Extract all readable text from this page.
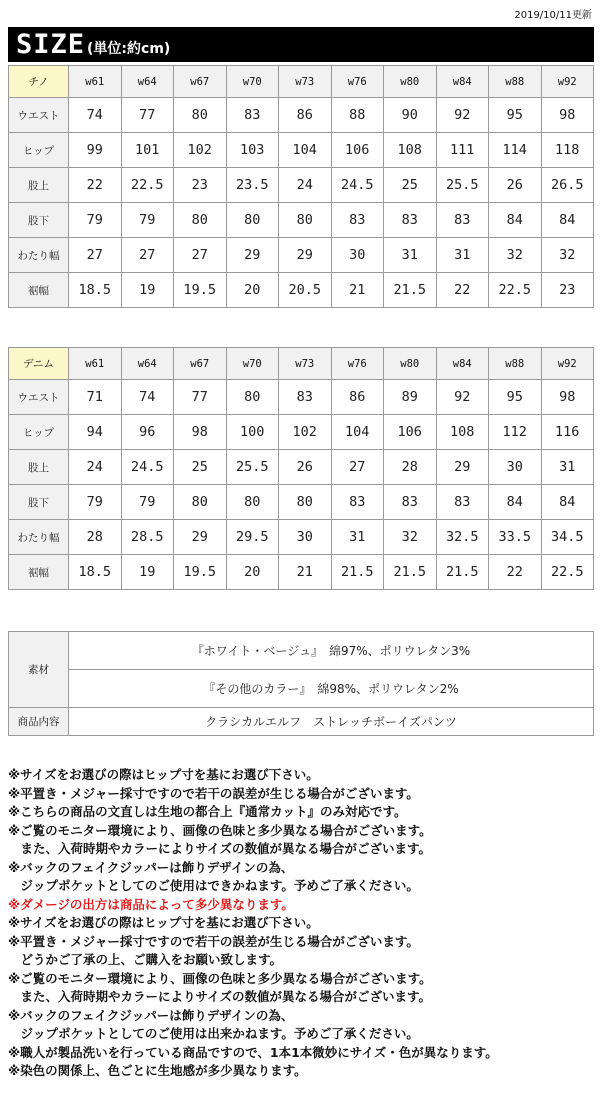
2019/10/11更新
SIZE (単位:約cm)
チノ	w61	w64	w67	w70	w73	w76	w80	w84	w88	w92
ウエスト	74	77	80	83	86	88	90	92	95	98
ヒップ	99	101	102	103	104	106	108	111	114	118
股上	22	22.5	23	23.5	24	24.5	25	25.5	26	26.5
股下	79	79	80	80	80	83	83	83	84	84
わたり幅	27	27	27	29	29	30	31	31	32	32
裾幅	18.5	19	19.5	20	20.5	21	21.5	22	22.5	23
デニム	w61	w64	w67	w70	w73	w76	w80	w84	w88	w92
ウエスト	71	74	77	80	83	86	89	92	95	98
ヒップ	94	96	98	100	102	104	106	108	112	116
股上	24	24.5	25	25.5	26	27	28	29	30	31
股下	79	79	80	80	80	83	83	83	84	84
わたり幅	28	28.5	29	29.5	30	31	32	32.5	33.5	34.5
裾幅	18.5	19	19.5	20	21	21.5	21.5	21.5	22	22.5
素材	『ホワイト・ベージュ』　綿97%、ポリウレタン3%
	『その他のカラー』　綿98%、ポリウレタン2%
商品内容	クラシカルエルフ　ストレッチボーイズパンツ
※サイズをお選びの際はヒップ寸を基にお選び下さい。
※平置き・メジャー採寸ですので若干の誤差が生じる場合がございます。
※こちらの商品の文直しは生地の都合上『通常カット』のみ対応です。
※ご覧のモニター環境により、画像の色味と多少異なる場合がございます。
　また、入荷時期やカラーによりサイズの数値が異なる場合がございます。
※バックのフェイクジッパーは飾りデザインの為、
　ジップポケットとしてのご使用はできかねます。予めご了承ください。
※ダメージの出方は商品によって多少異なります。
※サイズをお選びの際はヒップ寸を基にお選び下さい。
※平置き・メジャー採寸ですので若干の誤差が生じる場合がございます。
　どうかご了承の上、ご購入をお願い致します。
※ご覧のモニター環境により、画像の色味と多少異なる場合がございます。
　また、入荷時期やカラーによりサイズの数値が異なる場合がございます。
※バックのフェイクジッパーは飾りデザインの為、
　ジップポケットとしてのご使用は出来かねます。予めご了承ください。
※職人が製品洗いを行っている商品ですので、1本1本微妙にサイズ・色が異なります。
※染色の関係上、色ごとに生地感が多少異なります。
